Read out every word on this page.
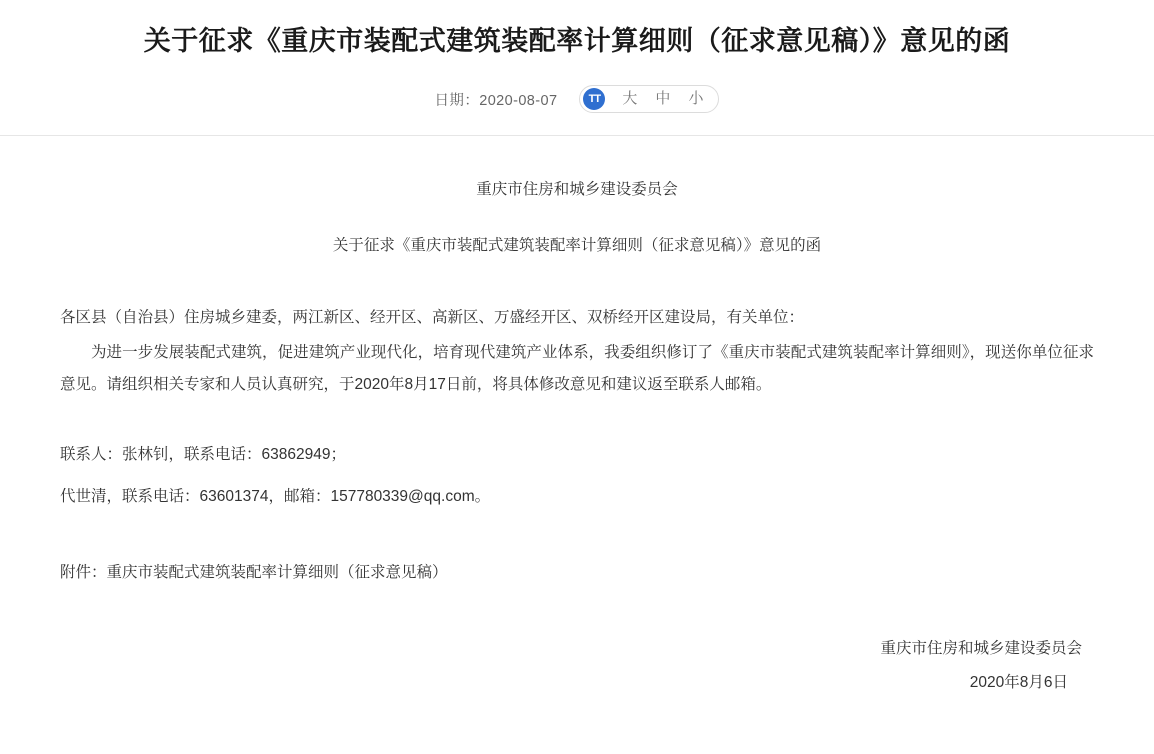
关于征求《重庆市装配式建筑装配率计算细则（征求意见稿）》意见的函
日期：2020-08-07	TT	大	中	小

重庆市住房和城乡建设委员会

关于征求《重庆市装配式建筑装配率计算细则（征求意见稿）》意见的函

各区县（自治县）住房城乡建委，两江新区、经开区、高新区、万盛经开区、双桥经开区建设局，有关单位：

为进一步发展装配式建筑，促进建筑产业现代化，培育现代建筑产业体系，我委组织修订了《重庆市装配式建筑装配率计算细则》，现送你单位征求意见。请组织相关专家和人员认真研究，于2020年8月17日前，将具体修改意见和建议返至联系人邮箱。

联系人：张林钊，联系电话：63862949；

代世清，联系电话：63601374，邮箱：157780339@qq.com。

附件：重庆市装配式建筑装配率计算细则（征求意见稿）

重庆市住房和城乡建设委员会
2020年8月6日
